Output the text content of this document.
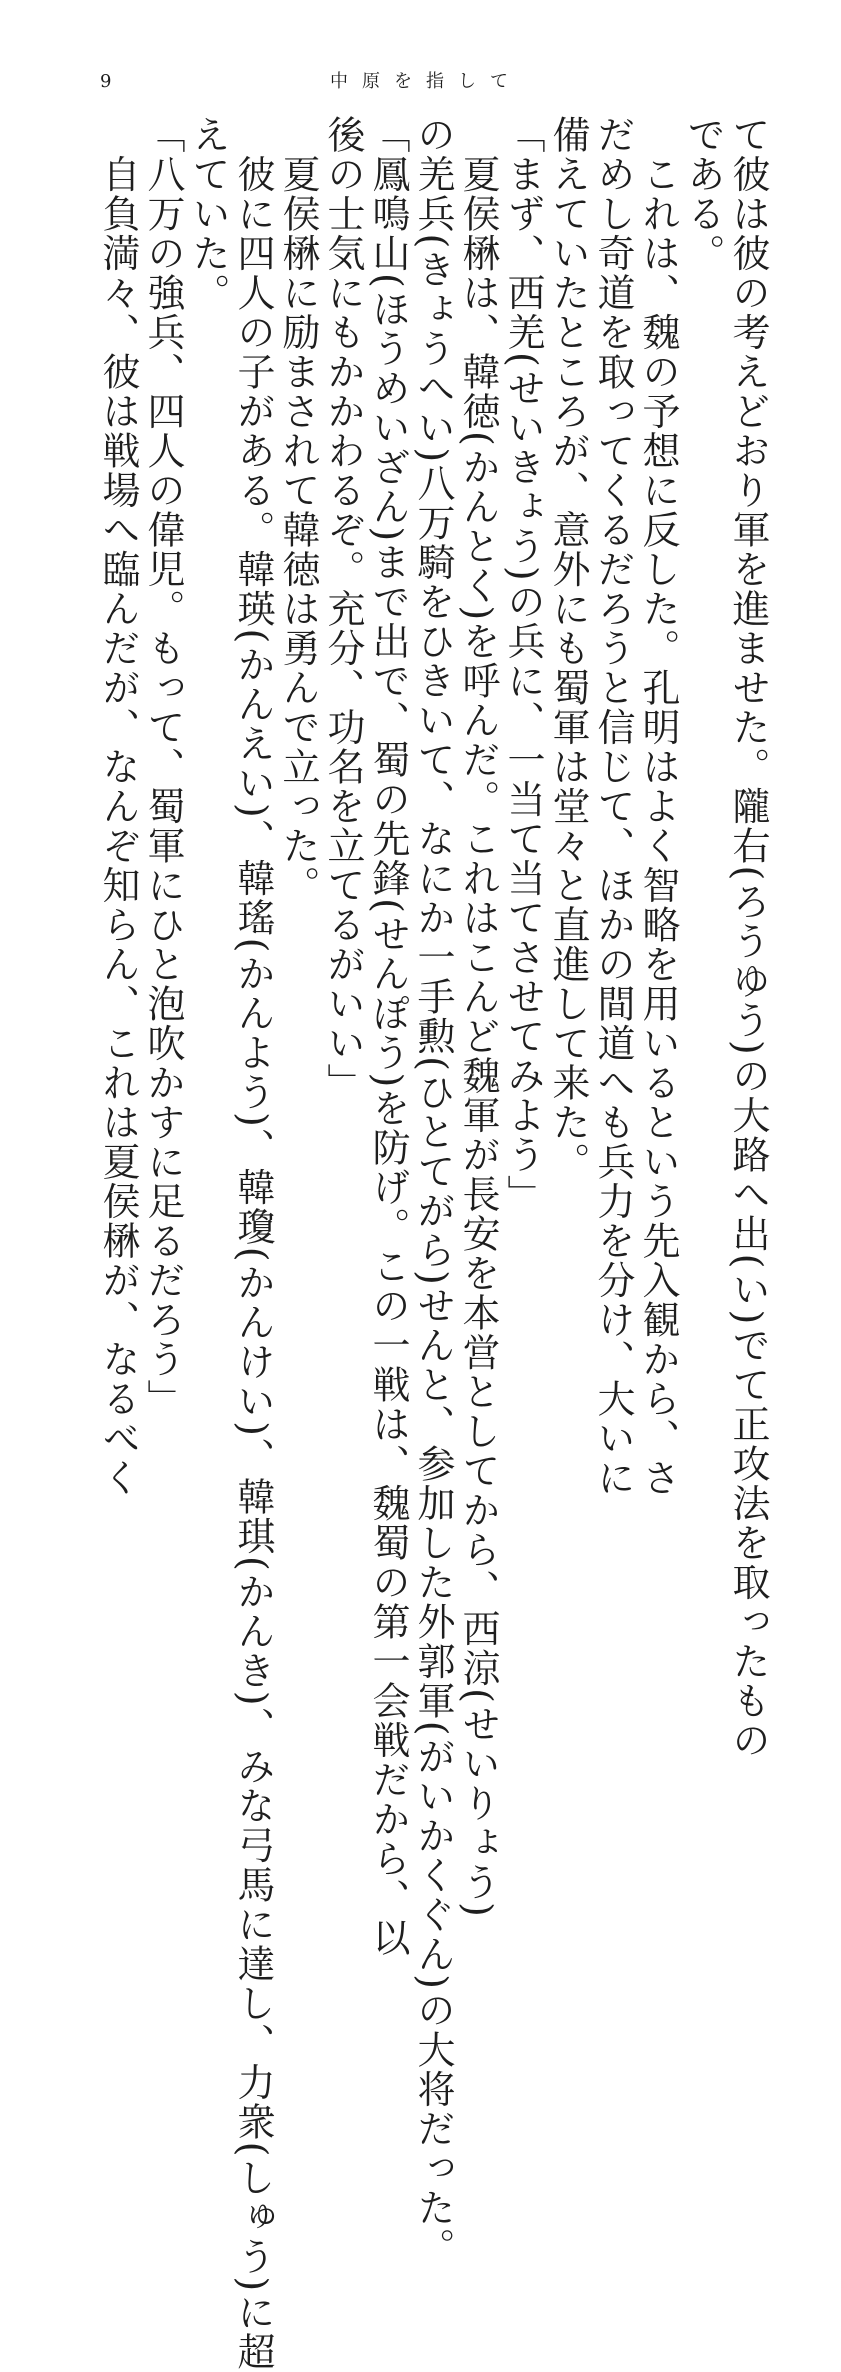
9	中原を指して

て彼は彼の考えどおり軍を進ませた。隴右(ろうゆう)の大路へ出(い)でて正攻法を取ったもの

である。

　これは、魏の予想に反した。孔明はよく智略を用いるという先入観から、さ

だめし奇道を取ってくるだろうと信じて、ほかの間道へも兵力を分け、大いに

備えていたところが、意外にも蜀軍は堂々と直進して来た。

「まず、西羌(せいきょう)の兵に、一当て当てさせてみよう」

　夏侯楙は、韓徳(かんとく)を呼んだ。これはこんど魏軍が長安を本営としてから、西涼(せいりょう)

の羌兵(きょうへい)八万騎をひきいて、なにか一手勲(ひとてがら)せんと、参加した外郭軍(がいかくぐん)の大将だった。

「鳳鳴山(ほうめいざん)まで出で、蜀の先鋒(せんぽう)を防げ。この一戦は、魏蜀の第一会戦だから、以

後の士気にもかかわるぞ。充分、功名を立てるがいい」

　夏侯楙に励まされて韓徳は勇んで立った。

　彼に四人の子がある。韓瑛(かんえい)、韓瑤(かんよう)、韓瓊(かんけい)、韓琪(かんき)、みな弓馬に達し、力衆(しゅう)に超

えていた。

「八万の強兵、四人の偉児。もって、蜀軍にひと泡吹かすに足るだろう」

　自負満々、彼は戦場へ臨んだが、なんぞ知らん、これは夏侯楙が、なるべく
